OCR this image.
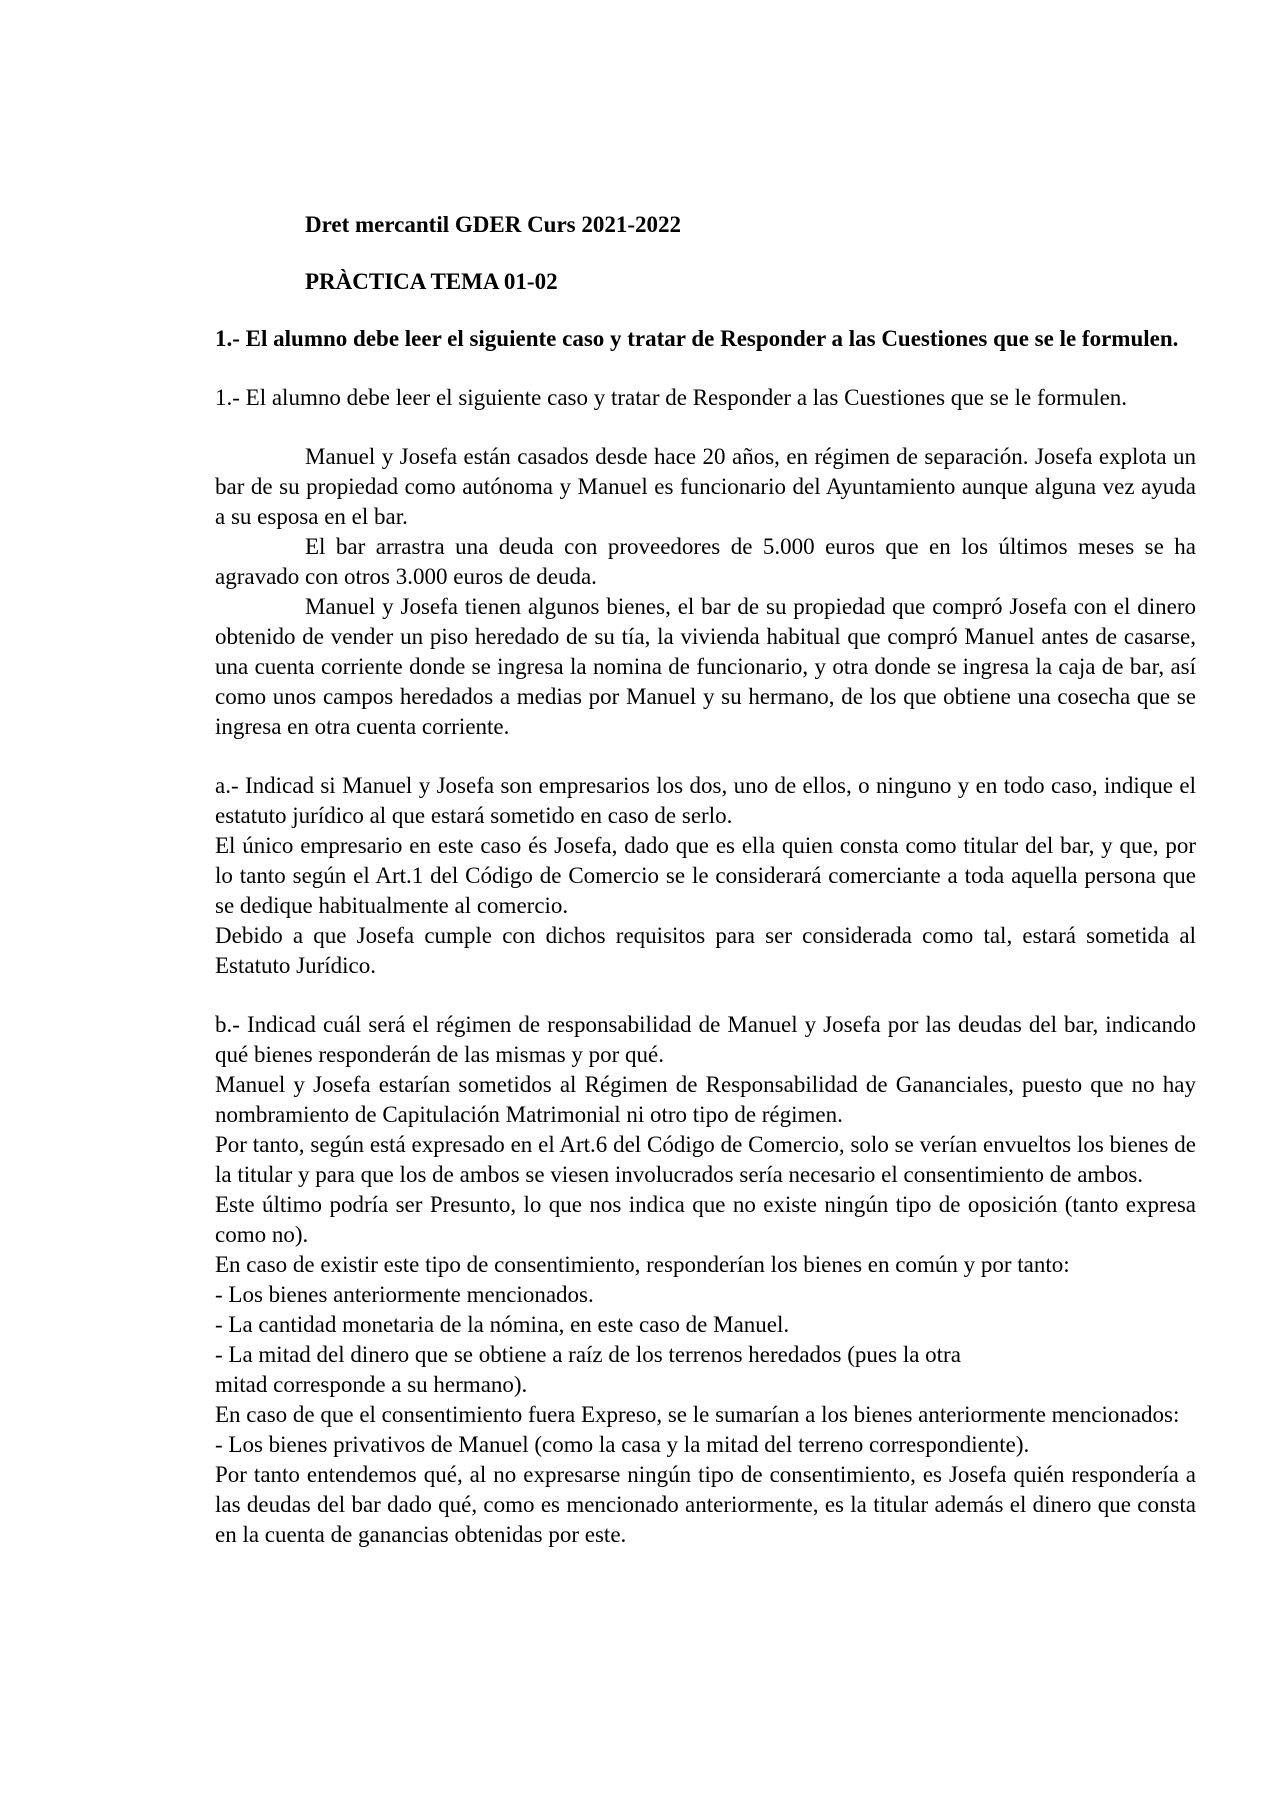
Dret mercantil GDER Curs 2021-2022

PRÀCTICA TEMA 01-02

1.- El alumno debe leer el siguiente caso y tratar de Responder a las Cuestiones que se le formulen.

1.- El alumno debe leer el siguiente caso y tratar de Responder a las Cuestiones que se le formulen.

Manuel y Josefa están casados desde hace 20 años, en régimen de separación. Josefa explota un bar de su propiedad como autónoma y Manuel es funcionario del Ayuntamiento aunque alguna vez ayuda a su esposa en el bar.

El bar arrastra una deuda con proveedores de 5.000 euros que en los últimos meses se ha agravado con otros 3.000 euros de deuda.

Manuel y Josefa tienen algunos bienes, el bar de su propiedad que compró Josefa con el dinero obtenido de vender un piso heredado de su tía, la vivienda habitual que compró Manuel antes de casarse, una cuenta corriente donde se ingresa la nomina de funcionario, y otra donde se ingresa la caja de bar, así como unos campos heredados a medias por Manuel y su hermano, de los que obtiene una cosecha que se ingresa en otra cuenta corriente.

a.- Indicad si Manuel y Josefa son empresarios los dos, uno de ellos, o ninguno y en todo caso, indique el estatuto jurídico al que estará sometido en caso de serlo.

El único empresario en este caso és Josefa, dado que es ella quien consta como titular del bar, y que, por lo tanto según el Art.1 del Código de Comercio se le considerará comerciante a toda aquella persona que se dedique habitualmente al comercio.

Debido a que Josefa cumple con dichos requisitos para ser considerada como tal, estará sometida al Estatuto Jurídico.

b.- Indicad cuál será el régimen de responsabilidad de Manuel y Josefa por las deudas del bar, indicando qué bienes responderán de las mismas y por qué.

Manuel y Josefa estarían sometidos al Régimen de Responsabilidad de Gananciales, puesto que no hay nombramiento de Capitulación Matrimonial ni otro tipo de régimen.

Por tanto, según está expresado en el Art.6 del Código de Comercio, solo se verían envueltos los bienes de la titular y para que los de ambos se viesen involucrados sería necesario el consentimiento de ambos.

Este último podría ser Presunto, lo que nos indica que no existe ningún tipo de oposición (tanto expresa como no).

En caso de existir este tipo de consentimiento, responderían los bienes en común y por tanto:

- Los bienes anteriormente mencionados.

- La cantidad monetaria de la nómina, en este caso de Manuel.

- La mitad del dinero que se obtiene a raíz de los terrenos heredados (pues la otra

mitad corresponde a su hermano).

En caso de que el consentimiento fuera Expreso, se le sumarían a los bienes anteriormente mencionados:

- Los bienes privativos de Manuel (como la casa y la mitad del terreno correspondiente).

Por tanto entendemos qué, al no expresarse ningún tipo de consentimiento, es Josefa quién respondería a las deudas del bar dado qué, como es mencionado anteriormente, es la titular además el dinero que consta en la cuenta de ganancias obtenidas por este.
